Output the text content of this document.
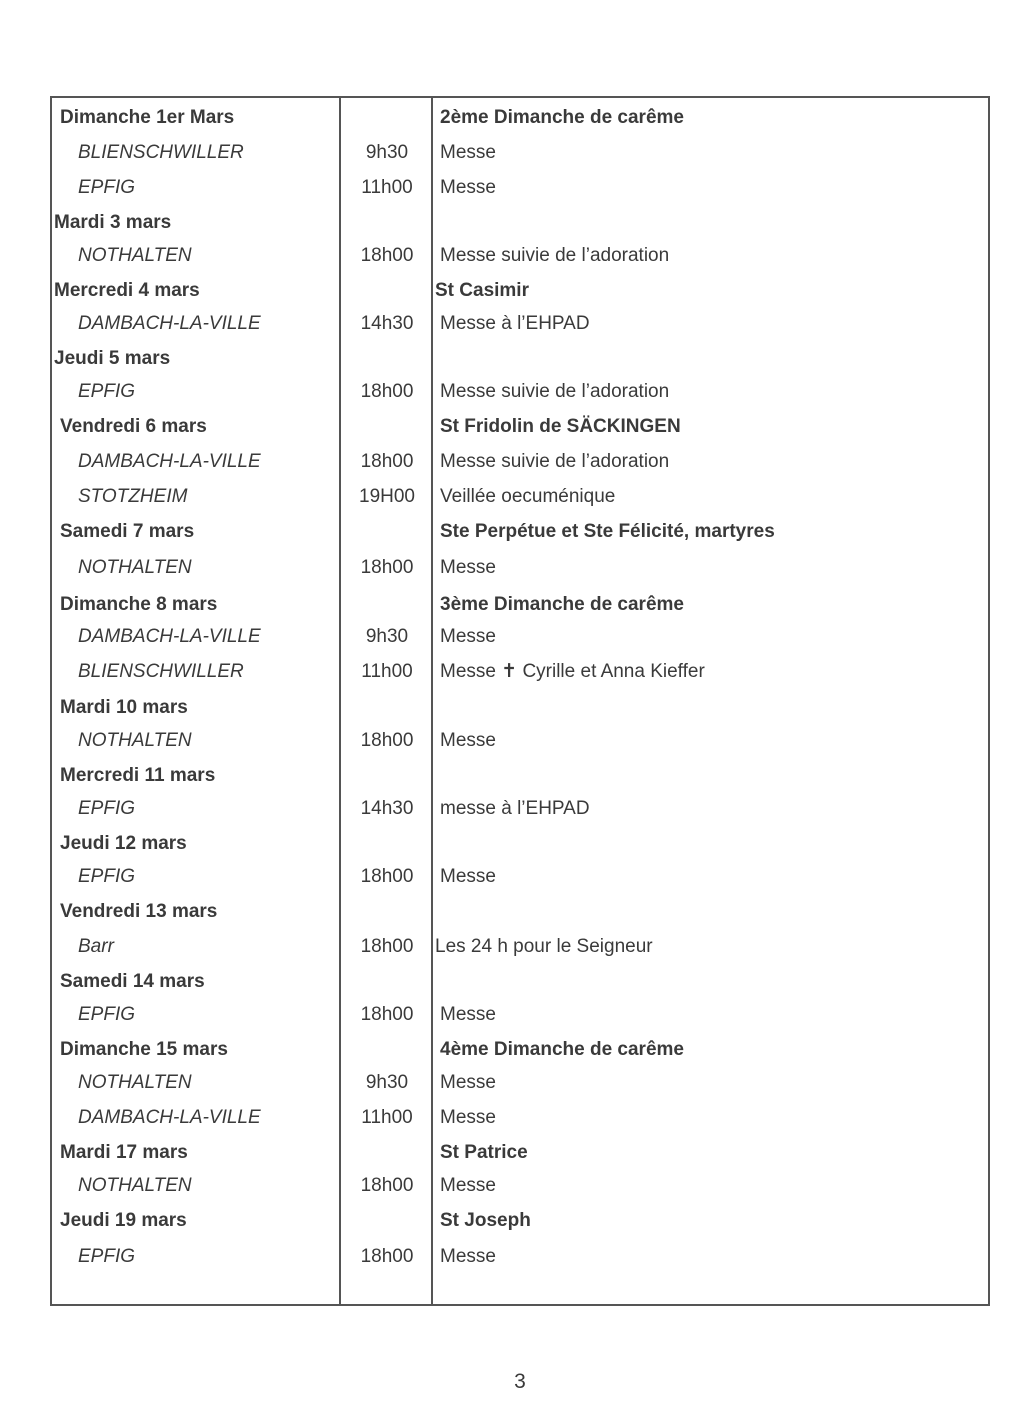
Dimanche 1er Mars	2ème Dimanche de carême
BLIENSCHWILLER	9h30	Messe
EPFIG	11h00	Messe
Mardi 3 mars
NOTHALTEN	18h00	Messe suivie de l’adoration
Mercredi 4 mars	St Casimir
DAMBACH-LA-VILLE	14h30	Messe à l’EHPAD
Jeudi 5 mars
EPFIG	18h00	Messe suivie de l’adoration
Vendredi 6 mars	St Fridolin de SÄCKINGEN
DAMBACH-LA-VILLE	18h00	Messe suivie de l’adoration
STOTZHEIM	19H00	Veillée oecuménique
Samedi 7 mars	Ste Perpétue et Ste Félicité, martyres
NOTHALTEN	18h00	Messe
Dimanche 8 mars	3ème Dimanche de carême
DAMBACH-LA-VILLE	9h30	Messe
BLIENSCHWILLER	11h00	Messe ✝ Cyrille et Anna Kieffer
Mardi 10 mars
NOTHALTEN	18h00	Messe
Mercredi 11 mars
EPFIG	14h30	messe à l’EHPAD
Jeudi 12 mars
EPFIG	18h00	Messe
Vendredi 13 mars
Barr	18h00	Les 24 h pour le Seigneur
Samedi 14 mars
EPFIG	18h00	Messe
Dimanche 15 mars	4ème Dimanche de carême
NOTHALTEN	9h30	Messe
DAMBACH-LA-VILLE	11h00	Messe
Mardi 17 mars	St Patrice
NOTHALTEN	18h00	Messe
Jeudi 19 mars	St Joseph
EPFIG	18h00	Messe
3
